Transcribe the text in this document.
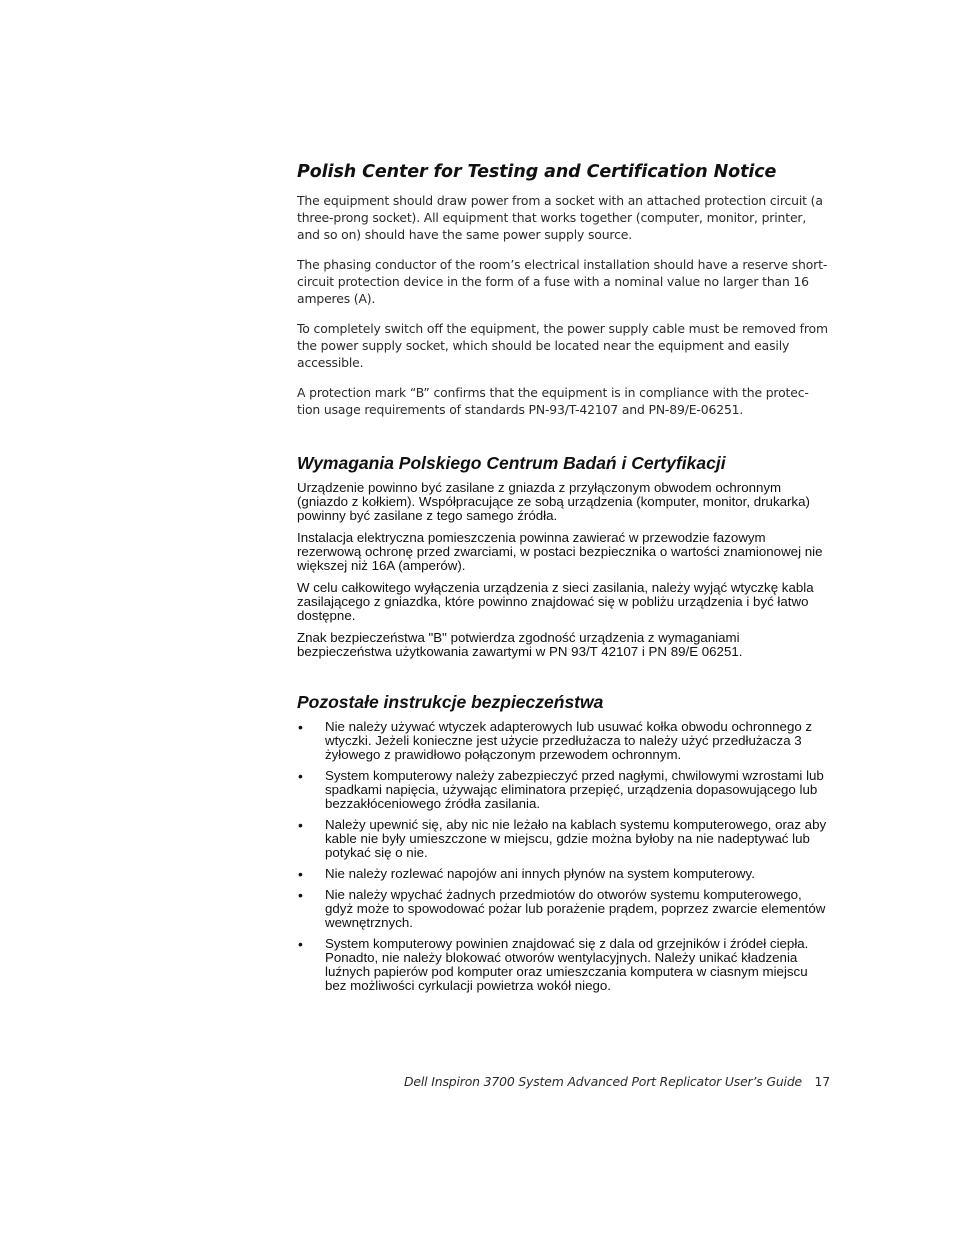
Polish Center for Testing and Certification Notice

The equipment should draw power from a socket with an attached protection circuit (a three-prong socket). All equipment that works together (computer, monitor, printer, and so on) should have the same power supply source.

The phasing conductor of the room’s electrical installation should have a reserve short-circuit protection device in the form of a fuse with a nominal value no larger than 16 amperes (A).

To completely switch off the equipment, the power supply cable must be removed from the power supply socket, which should be located near the equipment and easily accessible.

A protection mark “B” confirms that the equipment is in compliance with the protec-tion usage requirements of standards PN-93/T-42107 and PN-89/E-06251.

Wymagania Polskiego Centrum Badań i Certyfikacji

Urządzenie powinno być zasilane z gniazda z przyłączonym obwodem ochronnym (gniazdo z kołkiem). Współpracujące ze sobą urządzenia (komputer, monitor, drukarka) powinny być zasilane z tego samego źródła.

Instalacja elektryczna pomieszczenia powinna zawierać w przewodzie fazowym rezerwową ochronę przed zwarciami, w postaci bezpiecznika o wartości znamionowej nie większej niż 16A (amperów).

W celu całkowitego wyłączenia urządzenia z sieci zasilania, należy wyjąć wtyczkę kabla zasilającego z gniazdka, które powinno znajdować się w pobliżu urządzenia i być łatwo dostępne.

Znak bezpieczeństwa "B" potwierdza zgodność urządzenia z wymaganiami bezpieczeństwa użytkowania zawartymi w PN 93/T 42107 i PN 89/E 06251.

Pozostałe instrukcje bezpieczeństwa
• Nie należy używać wtyczek adapterowych lub usuwać kołka obwodu ochronnego z wtyczki. Jeżeli konieczne jest użycie przedłużacza to należy użyć przedłużacza 3 żyłowego z prawidłowo połączonym przewodem ochronnym.
• System komputerowy należy zabezpieczyć przed nagłymi, chwilowymi wzrostami lub spadkami napięcia, używając eliminatora przepięć, urządzenia dopasowującego lub bezzakłóceniowego źródła zasilania.
• Należy upewnić się, aby nic nie leżało na kablach systemu komputerowego, oraz aby kable nie były umieszczone w miejscu, gdzie można byłoby na nie nadeptywać lub potykać się o nie.
• Nie należy rozlewać napojów ani innych płynów na system komputerowy.
• Nie należy wpychać żadnych przedmiotów do otworów systemu komputerowego, gdyż może to spowodować pożar lub porażenie prądem, poprzez zwarcie elementów wewnętrznych.
• System komputerowy powinien znajdować się z dala od grzejników i źródeł ciepła. Ponadto, nie należy blokować otworów wentylacyjnych. Należy unikać kładzenia luźnych papierów pod komputer oraz umieszczania komputera w ciasnym miejscu bez możliwości cyrkulacji powietrza wokół niego.
Dell Inspiron 3700 System Advanced Port Replicator User’s Guide 17
